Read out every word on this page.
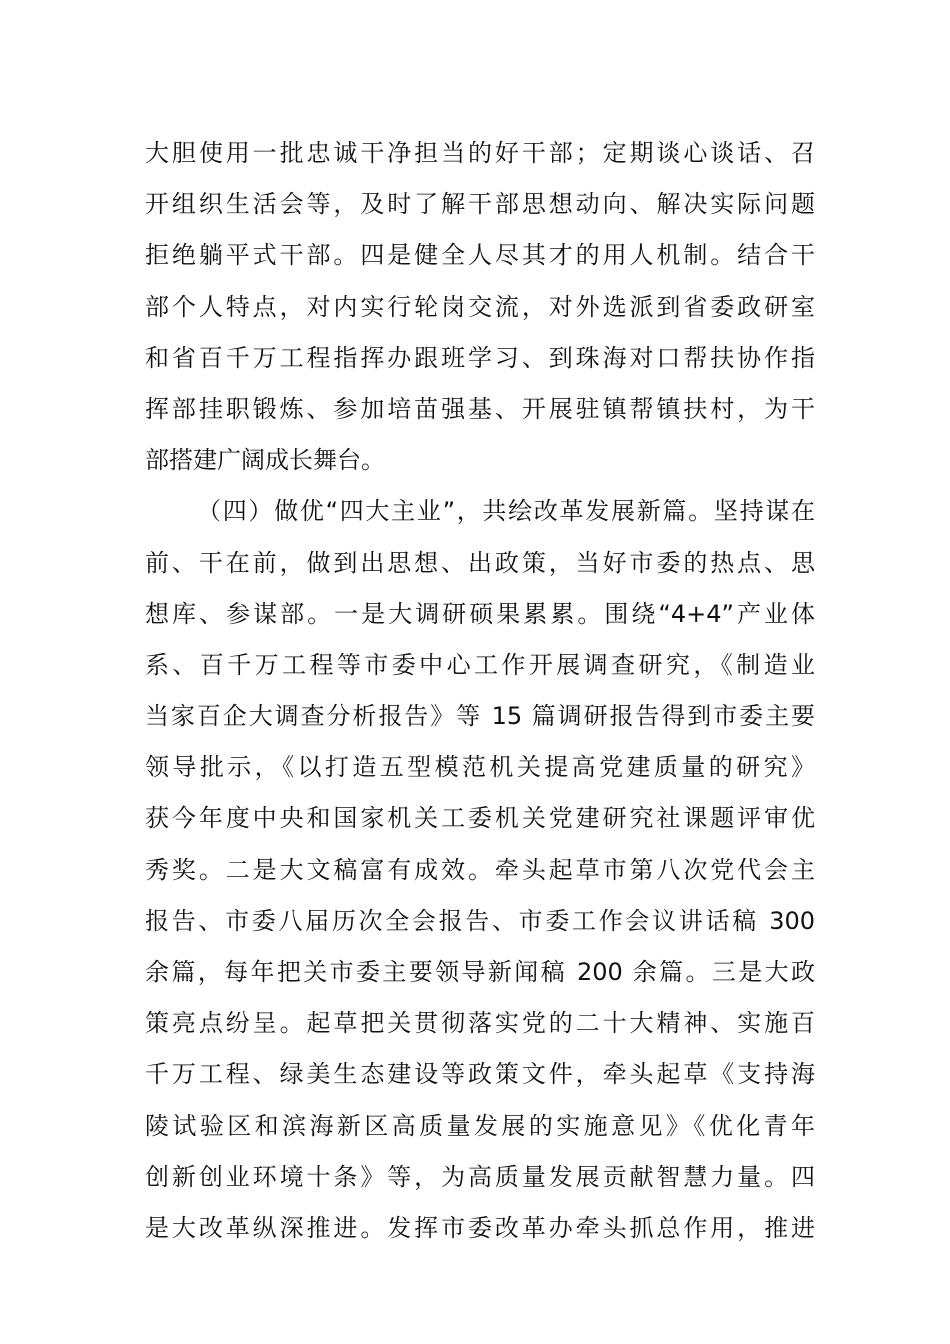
大胆使用一批忠诚干净担当的好干部；定期谈心谈话、召
开组织生活会等，及时了解干部思想动向、解决实际问题
拒绝躺平式干部。四是健全人尽其才的用人机制。结合干
部个人特点，对内实行轮岗交流，对外选派到省委政研室
和省百千万工程指挥办跟班学习、到珠海对口帮扶协作指
挥部挂职锻炼、参加培苗强基、开展驻镇帮镇扶村，为干
部搭建广阔成长舞台。
（四）做优“四大主业”，共绘改革发展新篇。坚持谋在
前、干在前，做到出思想、出政策，当好市委的热点、思
想库、参谋部。一是大调研硕果累累。围绕“4+4”产业体
系、百千万工程等市委中心工作开展调查研究，《制造业
当家百企大调查分析报告》等 15 篇调研报告得到市委主要
领导批示，《以打造五型模范机关提高党建质量的研究》
获今年度中央和国家机关工委机关党建研究社课题评审优
秀奖。二是大文稿富有成效。牵头起草市第八次党代会主
报告、市委八届历次全会报告、市委工作会议讲话稿 300
余篇，每年把关市委主要领导新闻稿 200 余篇。三是大政
策亮点纷呈。起草把关贯彻落实党的二十大精神、实施百
千万工程、绿美生态建设等政策文件，牵头起草《支持海
陵试验区和滨海新区高质量发展的实施意见》《优化青年
创新创业环境十条》等，为高质量发展贡献智慧力量。四
是大改革纵深推进。发挥市委改革办牵头抓总作用，推进
